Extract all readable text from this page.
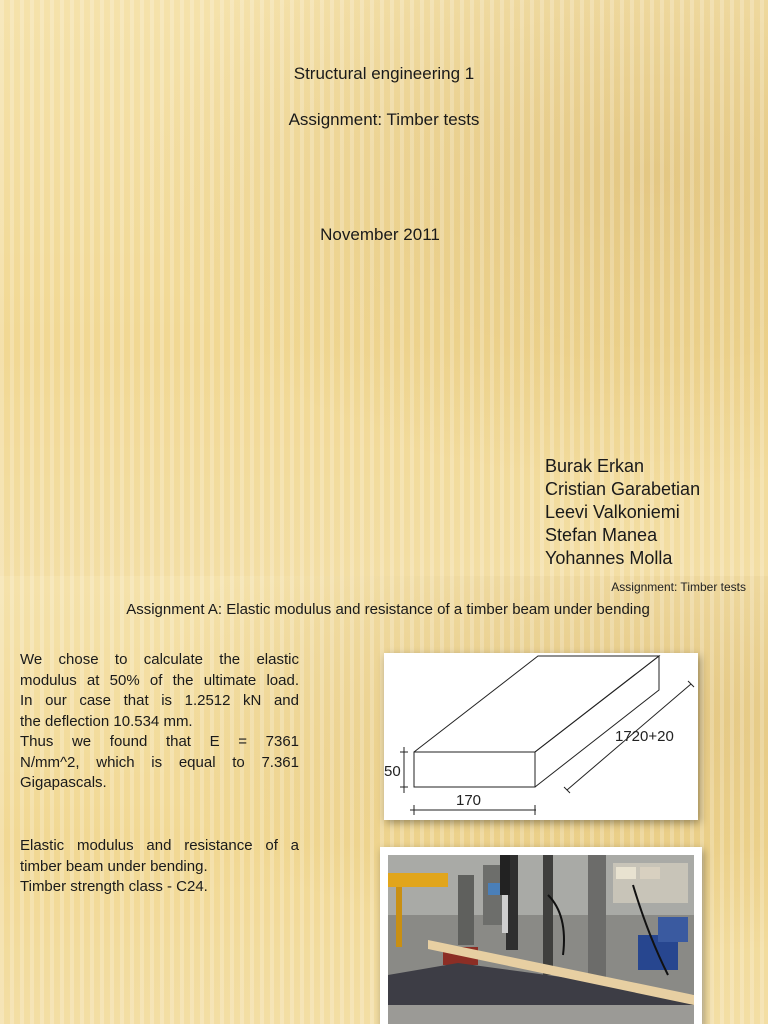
Structural engineering 1
Assignment: Timber tests
November 2011
Burak Erkan
Cristian Garabetian
Leevi Valkoniemi
Stefan Manea
Yohannes Molla
Assignment: Timber tests
Assignment A: Elastic modulus and resistance of a timber beam under bending
We chose to calculate the elastic
modulus at 50% of the ultimate load.
In our case that is 1.2512 kN and
the deflection 10.534 mm.
Thus we found that E = 7361
N/mm^2, which is equal to 7.361
Gigapascals.
Elastic modulus and resistance of a
timber beam under bending.
Timber strength class - C24.
50
170
1720+20
